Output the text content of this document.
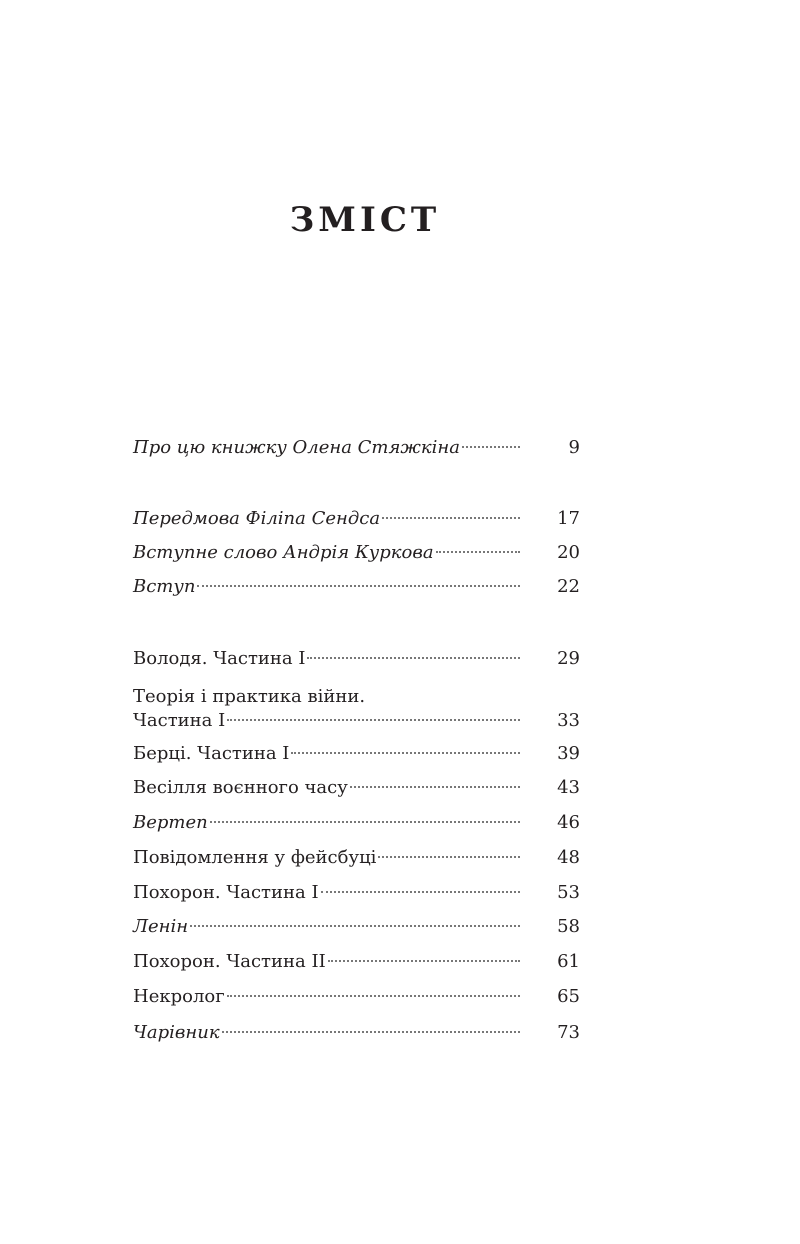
ЗМІСТ
Про цю книжку Олена Стяжкіна	9
Передмова Філіпа Сендса	17
Вступне слово Андрія Куркова	20
Вступ	22
Володя. Частина I	29
Теорія і практика війни.
Частина I	33
Берці. Частина I	39
Весілля воєнного часу	43
Вертеп	46
Повідомлення у фейсбуці	48
Похорон. Частина I	53
Ленін	58
Похорон. Частина II	61
Некролог	65
Чарівник	73
